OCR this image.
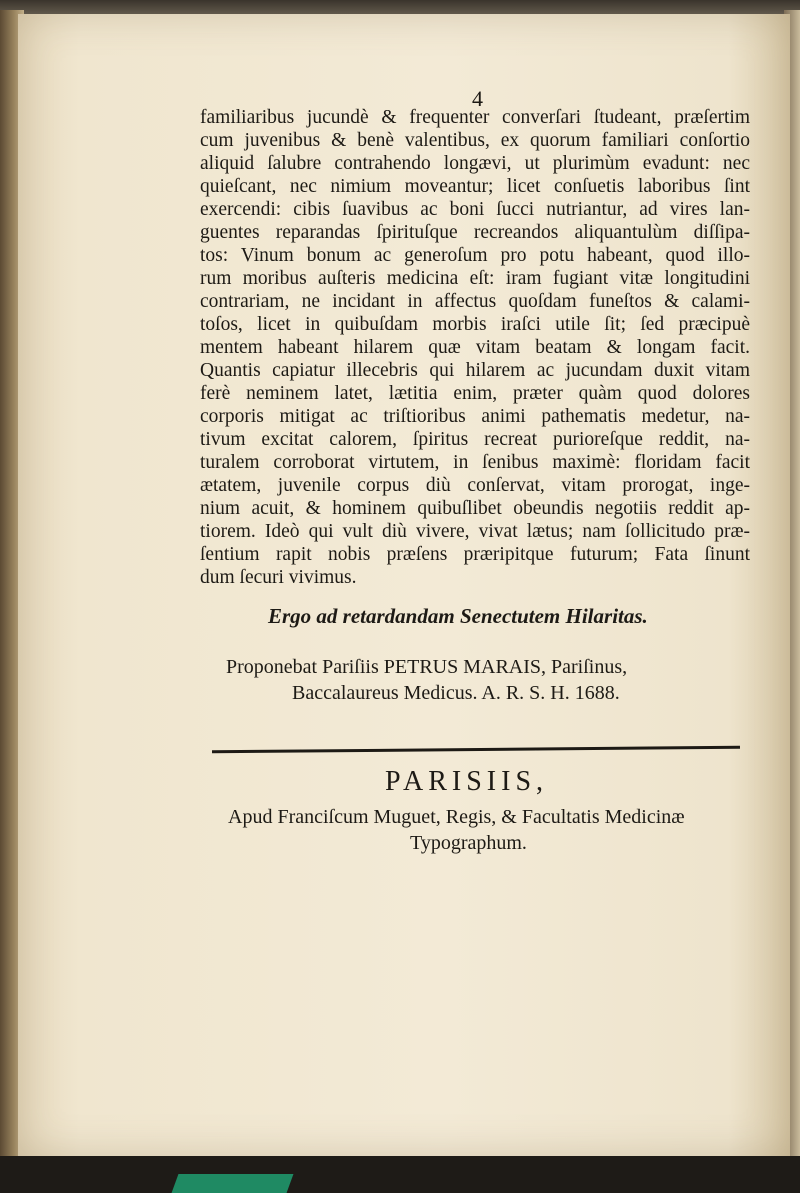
4
familiaribus jucundè & frequenter converſari ſtudeant, præſertim
cum juvenibus & benè valentibus, ex quorum familiari conſortio
aliquid ſalubre contrahendo longævi, ut plurimùm evadunt: nec
quieſcant, nec nimium moveantur; licet conſuetis laboribus ſint
exercendi: cibis ſuavibus ac boni ſucci nutriantur, ad vires lan-
guentes reparandas ſpirituſque recreandos aliquantulùm diſſipa-
tos: Vinum bonum ac generoſum pro potu habeant, quod illo-
rum moribus auſteris medicina eſt: iram fugiant vitæ longitudini
contrariam, ne incidant in affectus quoſdam funeſtos & calami-
toſos, licet in quibuſdam morbis iraſci utile ſit; ſed præcipuè
mentem habeant hilarem quæ vitam beatam & longam facit.
Quantis capiatur illecebris qui hilarem ac jucundam duxit vitam
ferè neminem latet, lætitia enim, præter quàm quod dolores
corporis mitigat ac triſtioribus animi pathematis medetur, na-
tivum excitat calorem, ſpiritus recreat purioreſque reddit, na-
turalem corroborat virtutem, in ſenibus maximè: floridam facit
ætatem, juvenile corpus diù conſervat, vitam prorogat, inge-
nium acuit, & hominem quibuſlibet obeundis negotiis reddit ap-
tiorem. Ideò qui vult diù vivere, vivat lætus; nam ſollicitudo præ-
ſentium rapit nobis præſens præripitque futurum; Fata ſinunt
dum ſecuri vivimus.
Ergo ad retardandam Senectutem Hilaritas.
Proponebat Pariſiis PETRUS MARAIS, Pariſinus,
Baccalaureus Medicus. A. R. S. H. 1688.
PARISIIS,
Apud Franciſcum Muguet, Regis, & Facultatis Medicinæ
Typographum.
